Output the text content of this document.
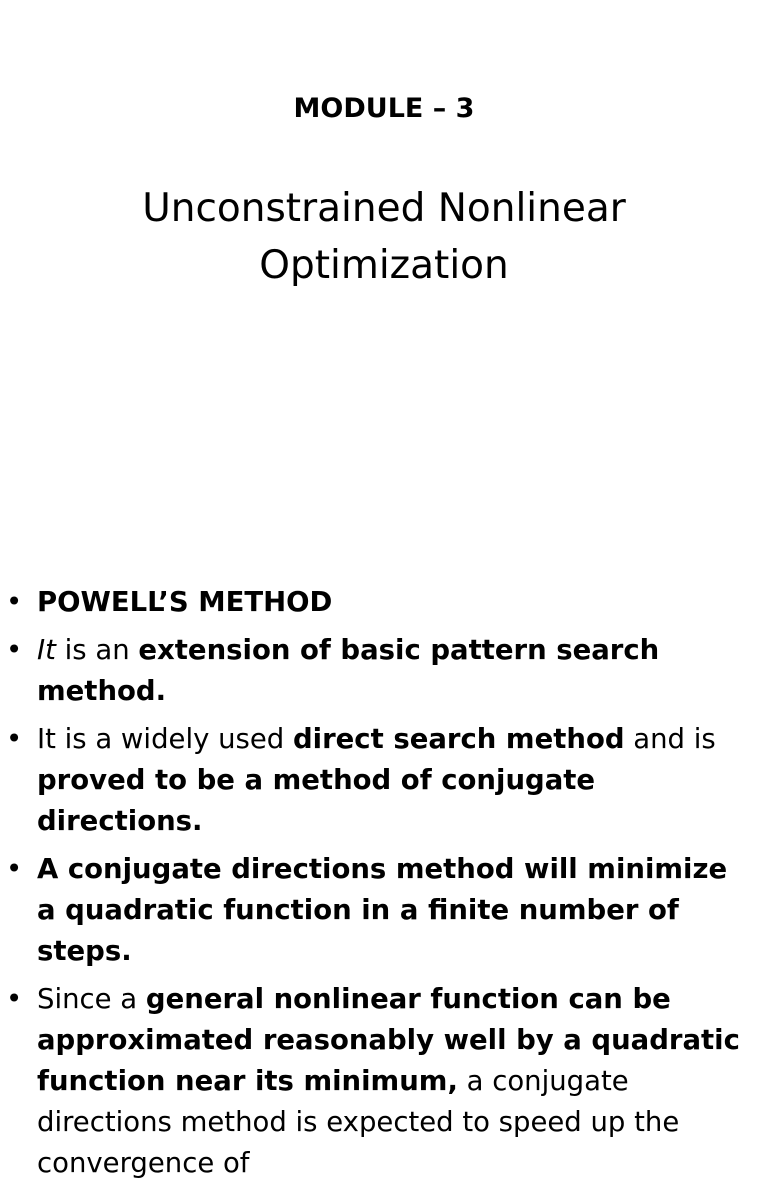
MODULE – 3
Unconstrained Nonlinear Optimization
• POWELL’S METHOD
• It is an extension of basic pattern search method.
• It is a widely used direct search method and is proved to be a method of conjugate directions.
• A conjugate directions method will minimize a quadratic function in a finite number of steps.
• Since a general nonlinear function can be approximated reasonably well by a quadratic function near its minimum, a conjugate directions method is expected to speed up the convergence of
